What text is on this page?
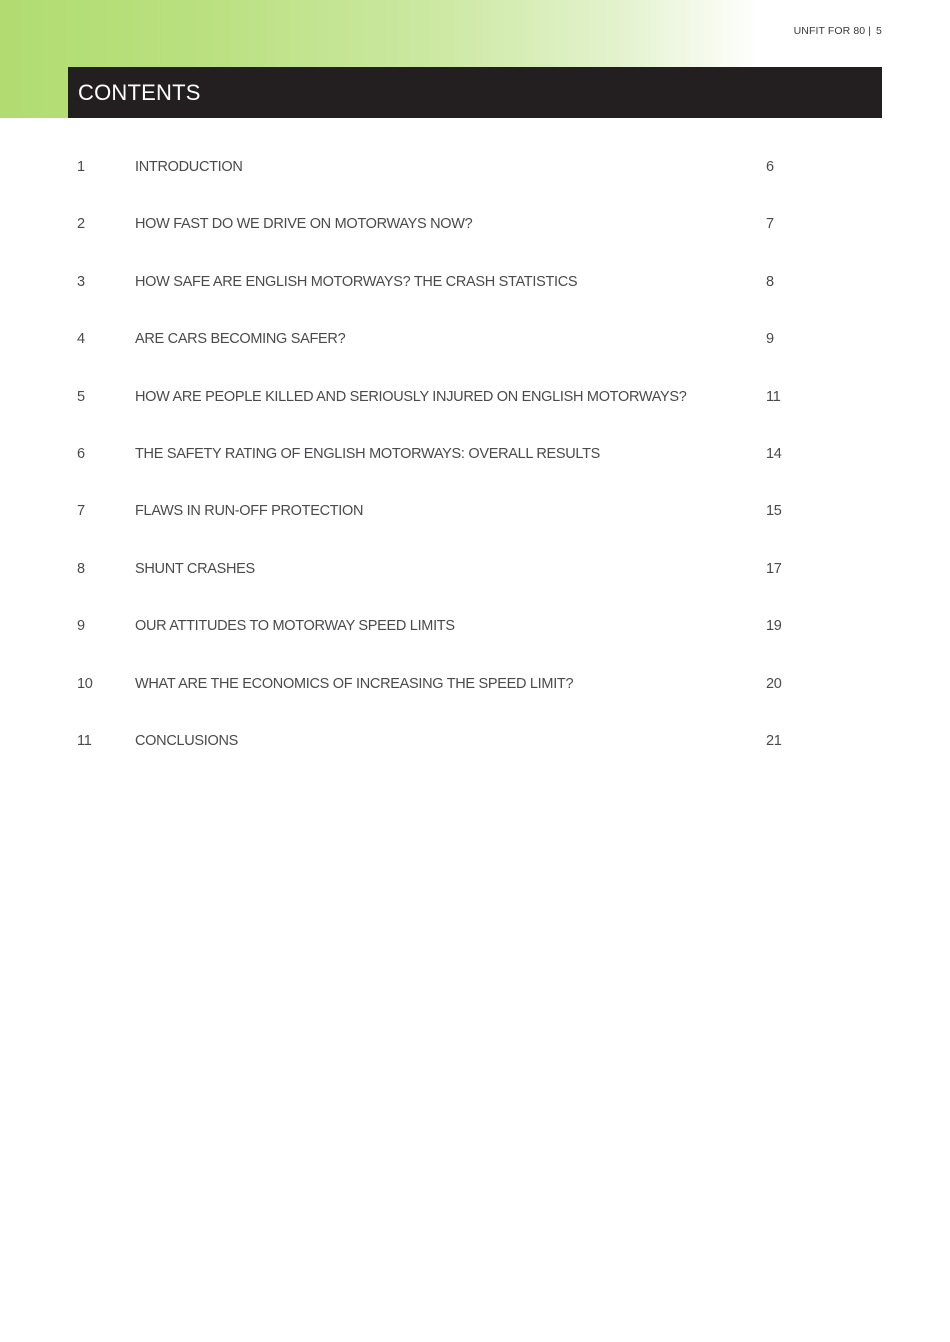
UNFIT FOR 80 | 5
CONTENTS
1	INTRODUCTION	6
2	HOW FAST DO WE DRIVE ON MOTORWAYS NOW?	7
3	HOW SAFE ARE ENGLISH MOTORWAYS? THE CRASH STATISTICS	8
4	ARE CARS BECOMING SAFER?	9
5	HOW ARE PEOPLE KILLED AND SERIOUSLY INJURED ON ENGLISH MOTORWAYS?	11
6	THE SAFETY RATING OF ENGLISH MOTORWAYS: OVERALL RESULTS	14
7	FLAWS IN RUN-OFF PROTECTION	15
8	SHUNT CRASHES	17
9	OUR ATTITUDES TO MOTORWAY SPEED LIMITS	19
10	WHAT ARE THE ECONOMICS OF INCREASING THE SPEED LIMIT?	20
11	CONCLUSIONS	21
